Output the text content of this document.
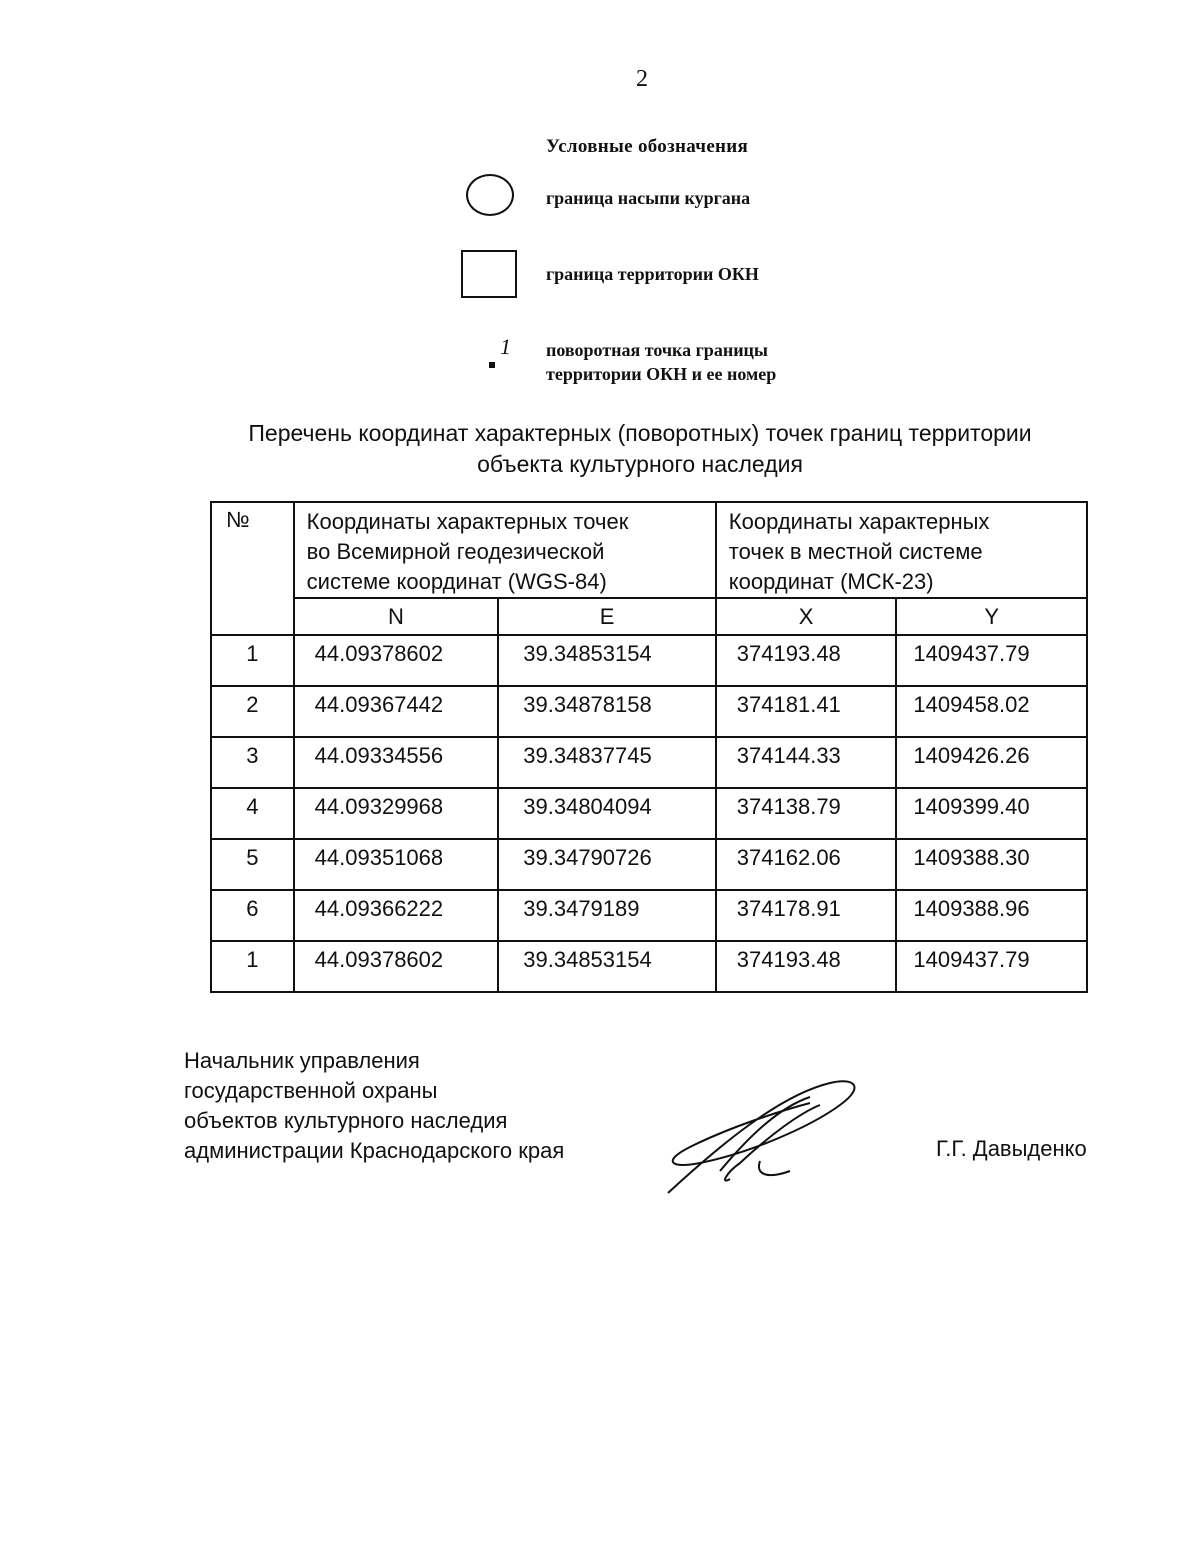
2
Условные обозначения
граница насыпи кургана
граница территории ОКН
1 поворотная точка границы
территории ОКН и ее номер
Перечень координат характерных (поворотных) точек границ территории
объекта культурного наследия
№	Координаты характерных точек
во Всемирной геодезической
системе координат (WGS-84)		Координаты характерных
точек в местной системе
координат (МСК-23)	

	N	E	X	Y
1	44.09378602	39.34853154	374193.48	1409437.79
2	44.09367442	39.34878158	374181.41	1409458.02
3	44.09334556	39.34837745	374144.33	1409426.26
4	44.09329968	39.34804094	374138.79	1409399.40
5	44.09351068	39.34790726	374162.06	1409388.30
6	44.09366222	39.3479189	374178.91	1409388.96
1	44.09378602	39.34853154	374193.48	1409437.79
Начальник управления
государственной охраны
объектов культурного наследия
администрации Краснодарского края	Г.Г. Давыденко
